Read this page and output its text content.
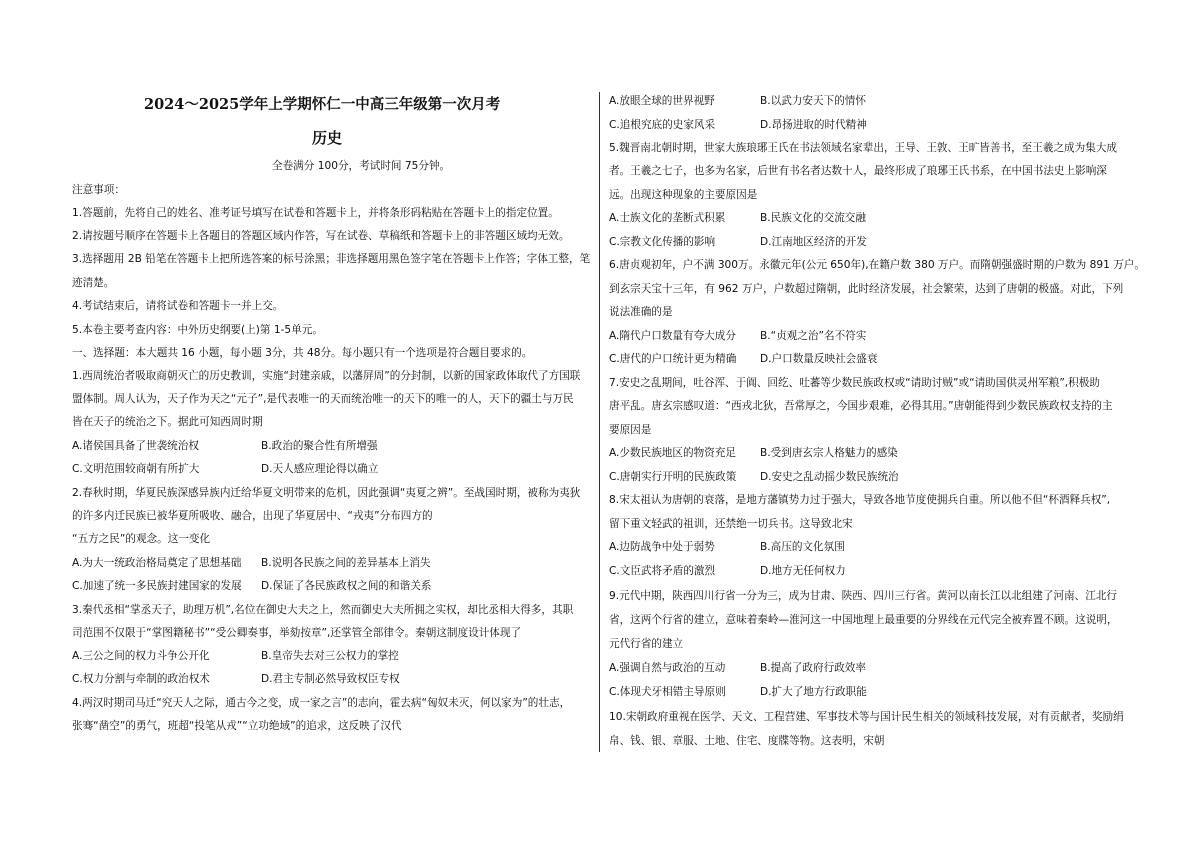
2024～2025学年上学期怀仁一中高三年级第一次月考
历史
全卷满分 100分，考试时间 75分钟。
注意事项：
1.答题前，先将自己的姓名、准考证号填写在试卷和答题卡上，并将条形码粘贴在答题卡上的指定位置。
2.请按题号顺序在答题卡上各题目的答题区域内作答，写在试卷、草稿纸和答题卡上的非答题区域均无效。
3.选择题用 2B 铅笔在答题卡上把所选答案的标号涂黑；非选择题用黑色签字笔在答题卡上作答；字体工整，笔
迹清楚。
4.考试结束后，请将试卷和答题卡一并上交。
5.本卷主要考查内容：中外历史纲要(上)第 1-5单元。
一、选择题：本大题共 16 小题，每小题 3分，共 48分。每小题只有一个选项是符合题目要求的。
1.西周统治者吸取商朝灭亡的历史教训，实施“封建亲戚，以藩屏周”的分封制，以新的国家政体取代了方国联
盟体制。周人认为，天子作为天之“元子”,是代表唯一的天而统治唯一的天下的唯一的人，天下的疆土与万民
皆在天子的统治之下。据此可知西周时期
A.诸侯国具备了世袭统治权	B.政治的聚合性有所增强
C.文明范围较商朝有所扩大	D.天人感应理论得以确立
2.春秋时期，华夏民族深感异族内迁给华夏文明带来的危机，因此强调“夷夏之辨”。至战国时期，被称为夷狄
的许多内迁民族已被华夏所吸收、融合，出现了华夏居中、“戎夷”分布四方的
“五方之民”的观念。这一变化
A.为大一统政治格局奠定了思想基础 B.说明各民族之间的差异基本上消失
C.加速了统一多民族封建国家的发展 D.保证了各民族政权之间的和谐关系
3.秦代丞相“掌丞天子，助理万机”,名位在御史大夫之上，然而御史大夫所拥之实权，却比丞相大得多，其职
司范围不仅限于“掌图籍秘书”“受公卿奏事，举劾按章”,还掌管全部律令。秦朝这制度设计体现了
A.三公之间的权力斗争公开化	B.皇帝失去对三公权力的掌控
C.权力分割与牵制的政治权术	D.君主专制必然导致权臣专权
4.两汉时期司马迁“究天人之际，通古今之变，成一家之言”的志向，霍去病“匈奴未灭，何以家为”的壮志，
张骞“凿空”的勇气，班超“投笔从戎”“立功绝域”的追求，这反映了汉代
A.放眼全球的世界视野	B.以武力安天下的情怀
C.追根究底的史家风采	D.昂扬进取的时代精神
5.魏晋南北朝时期，世家大族琅琊王氏在书法领域名家辈出，王导、王敦、王旷皆善书，至王羲之成为集大成
者。王羲之七子，也多为名家，后世有书名者达数十人，最终形成了琅琊王氏书系，在中国书法史上影响深
远。出现这种现象的主要原因是
A.士族文化的垄断式积累	B.民族文化的交流交融
C.宗教文化传播的影响	D.江南地区经济的开发
6.唐贞观初年，户不满 300万。永徽元年(公元 650年),在籍户数 380 万户。而隋朝强盛时期的户数为 891 万户。
到玄宗天宝十三年，有 962 万户，户数超过隋朝，此时经济发展，社会繁荣，达到了唐朝的极盛。对此，下列
说法准确的是
A.隋代户口数量有夸大成分 B.“贞观之治”名不符实
C.唐代的户口统计更为精确 D.户口数量反映社会盛衰
7.安史之乱期间，吐谷浑、于阗、回纥、吐蕃等少数民族政权或“请助讨贼”或“请助国供灵州军粮”,积极助
唐平乱。唐玄宗感叹道：“西戎北狄，吾常厚之，今国步艰难，必得其用。”唐朝能得到少数民族政权支持的主
要原因是
A.少数民族地区的物资充足 B.受到唐玄宗人格魅力的感染
C.唐朝实行开明的民族政策 D.安史之乱动摇少数民族统治
8.宋太祖认为唐朝的衰落，是地方藩镇势力过于强大，导致各地节度使拥兵自重。所以他不但“杯酒释兵权”,
留下重文轻武的祖训，还禁绝一切兵书。这导致北宋
A.边防战争中处于弱势	B.高压的文化氛围
C.文臣武将矛盾的激烈	D.地方无任何权力
9.元代中期，陕西四川行省一分为三，成为甘肃、陕西、四川三行省。黄河以南长江以北组建了河南、江北行
省，这两个行省的建立，意味着秦岭—淮河这一中国地理上最重要的分界线在元代完全被弃置不顾。这说明，
元代行省的建立
A.强调自然与政治的互动	B.提高了政府行政效率
C.体现犬牙相错主导原则	D.扩大了地方行政职能
10.宋朝政府重视在医学、天文、工程营建、军事技术等与国计民生相关的领域科技发展，对有贡献者，奖励绢
帛、钱、银、章服、土地、住宅、度牒等物。这表明，宋朝
